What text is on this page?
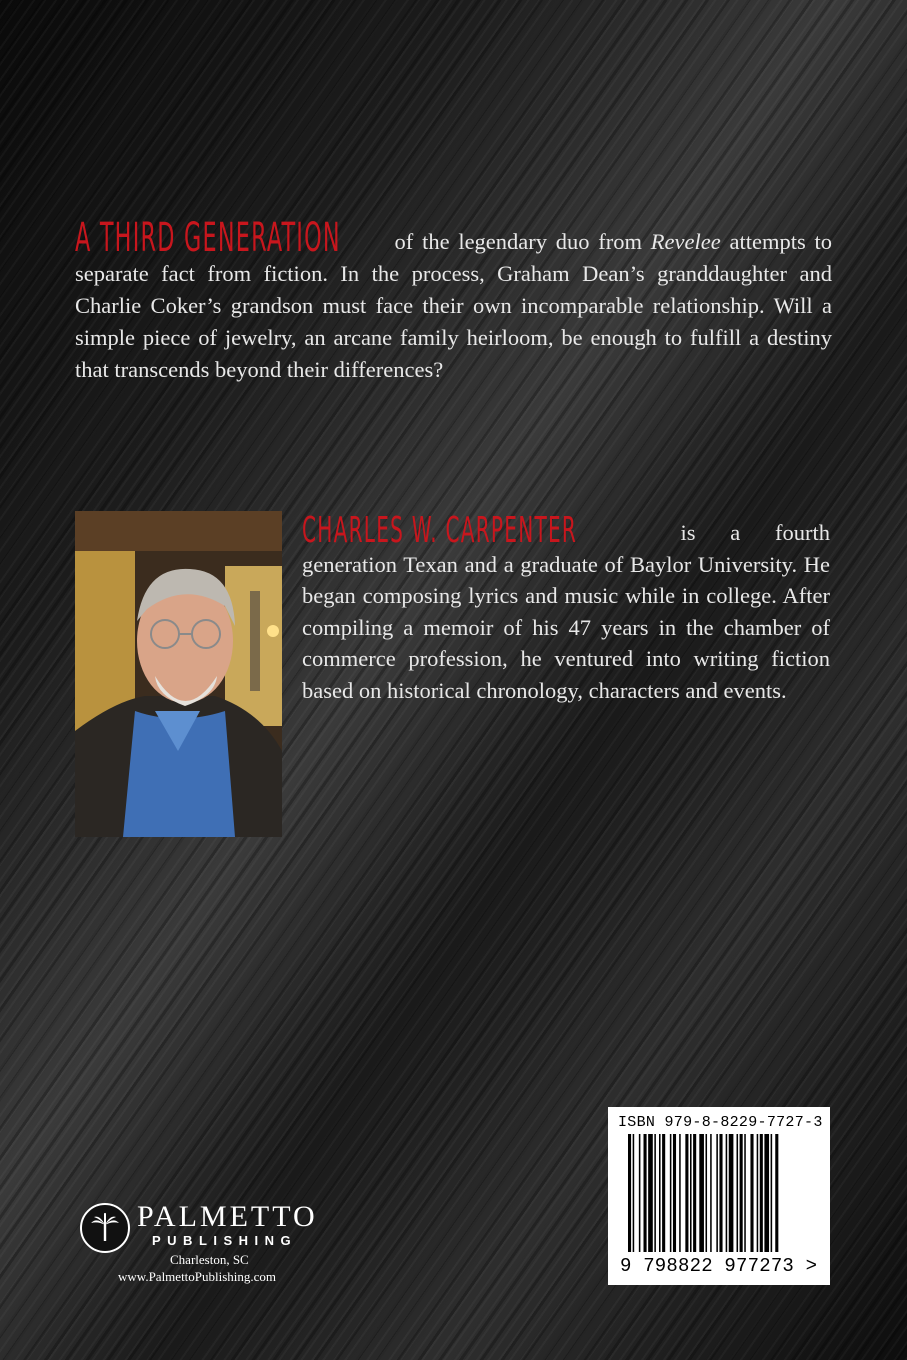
A THIRD GENERATION of the legendary duo from Revelee attempts to separate fact from fiction. In the process, Graham Dean’s granddaughter and Charlie Coker’s grandson must face their own incomparable relationship. Will a simple piece of jewelry, an arcane family heirloom, be enough to fulfill a destiny that transcends beyond their differences?
CHARLES W. CARPENTER	is a fourth generation Texan and a graduate of Baylor University. He began composing lyrics and music while in college. After compiling a memoir of his 47 years in the chamber of commerce profession, he ventured into writing fiction based on historical chronology, characters and events.
PALMETTO
PUBLISHING
Charleston, SC
www.PalmettoPublishing.com
ISBN 979-8-8229-7727-3
9 798822 977273 >
